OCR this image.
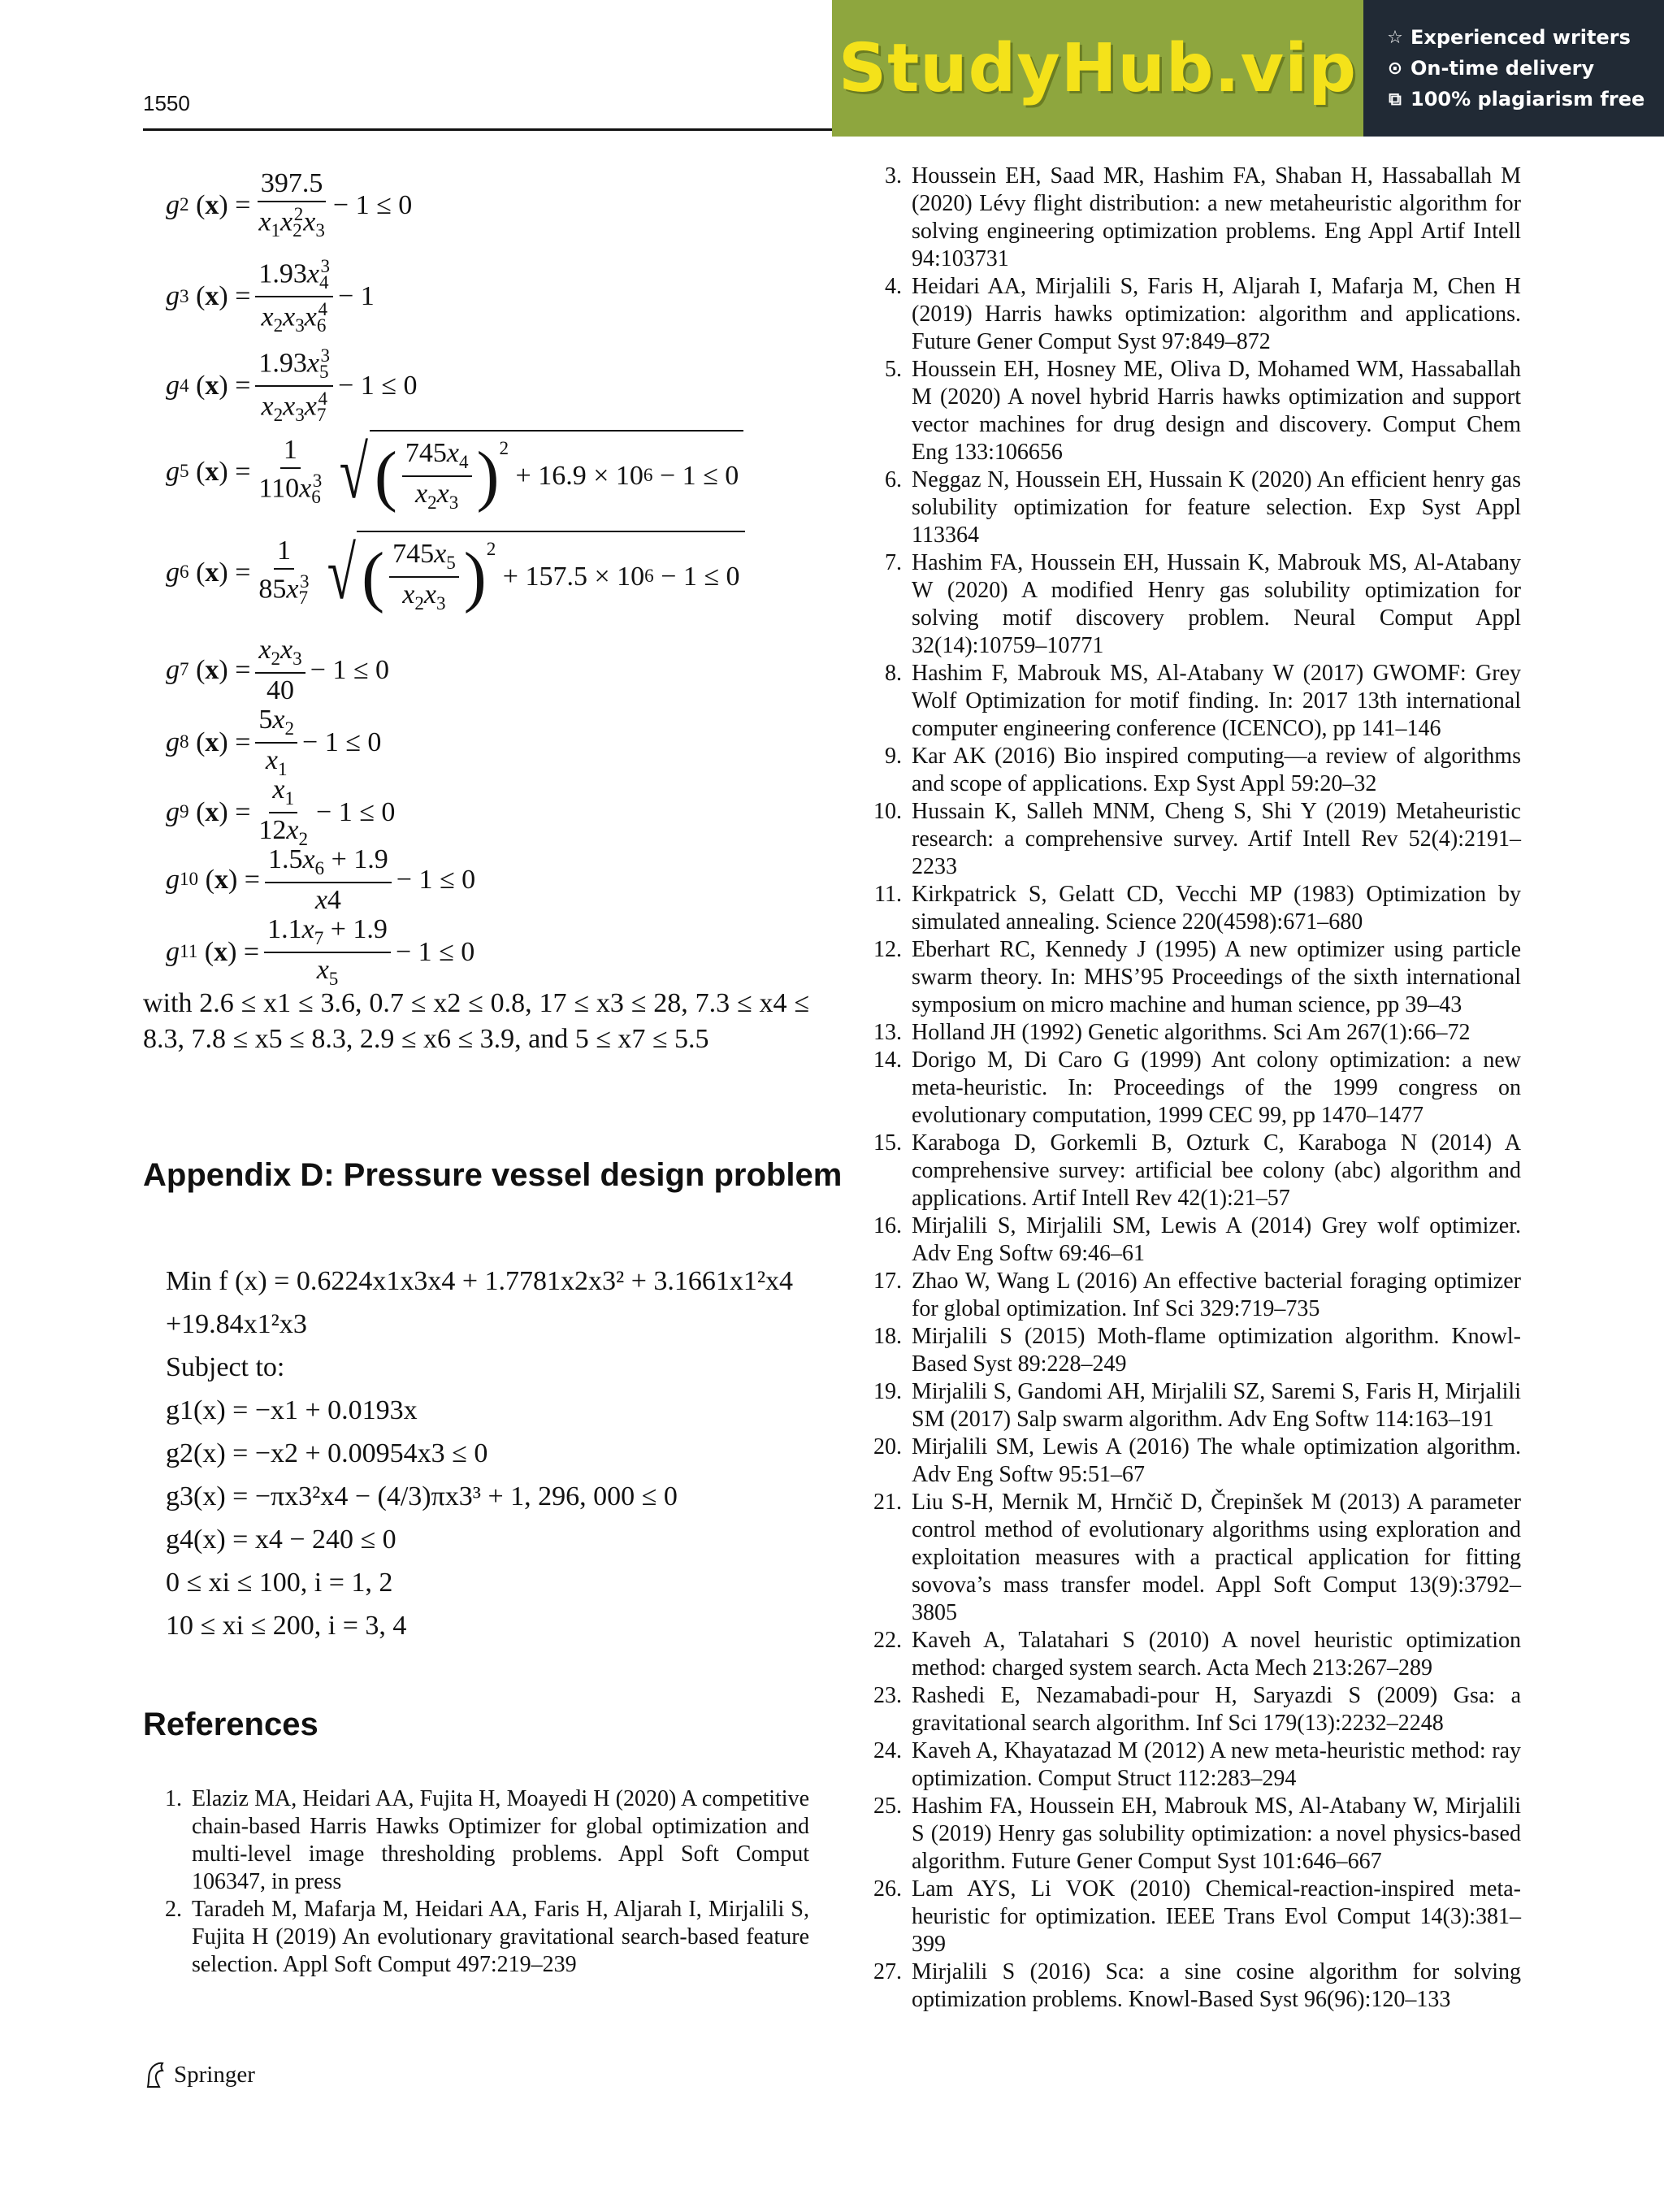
1550	StudyHub.vip ☆ Experienced writers
⊙ On-time delivery
⧉ 100% plagiarism free
g 2
( x ) = $\frac{397.5}{x_1x_2^2x_3} - 1 \le 0$
g 3 ( x ) = $\frac{1.93x_4^3}{x_2x_3x_6^4} - 1$
g 4 ( x ) = $\frac{1.93x_5^3}{x_2x_3x_7^4} - 1 \le 0$
g 5 ( x ) = $\frac{1}{110x_6^3}$ √ ( $\frac{745x_4}{x_2x_3} )^2$
+ 16.9 × 10 6 − 1 ≤ 0
g 6 ( x ) = $\frac{1}{85x_7^3}$ √ ( $\frac{745x_5}{x_2x_3} )^2$
+ 157.5 × 10 6 − 1 ≤ 0
g 7 ( x ) = $\frac{x_2x_3}{40} - 1 \le 0$
g 8 ( x ) = $\frac{5x_2}{x_1} - 1 \le 0$
g 9 ( x ) = $\frac{x_1}{12x_2} - 1 \le 0$
g 10 ( x ) = $\frac{1.5x_6 + 1.9}{x4} - 1 \le 0$
g 11 ( x ) = $\frac{1.1x_7 + 1.9}{x_5} - 1 \le 0$
with 2.6 ≤ x1 ≤ 3.6, 0.7 ≤ x2 ≤ 0.8, 17 ≤ x3 ≤ 28, 7.3 ≤ x4 ≤ 8.3, 7.8 ≤ x5 ≤ 8.3, 2.9 ≤ x6 ≤ 3.9, and 5 ≤ x7 ≤ 5.5
Appendix D: Pressure vessel design problem
Min f (x) = 0.6224x1x3x4 + 1.7781x2x3² + 3.1661x1²x4
+19.84x1²x3
Subject to:
g1(x) = −x1 + 0.0193x
g2(x) = −x2 + 0.00954x3 ≤ 0
g3(x) = −πx3²x4 − (4/3)πx3³ + 1, 296, 000 ≤ 0
g4(x) = x4 − 240 ≤ 0
0 ≤ xi ≤ 100, i = 1, 2
10 ≤ xi ≤ 200, i = 3, 4
References
1. Elaziz MA, Heidari AA, Fujita H, Moayedi H (2020) A competitive chain-based Harris Hawks Optimizer for global optimization and multi-level image thresholding problems. Appl Soft Comput 106347, in press
2. Taradeh M, Mafarja M, Heidari AA, Faris H, Aljarah I, Mirjalili S, Fujita H (2019) An evolutionary gravitational search-based feature selection. Appl Soft Comput 497:219–239
3. Houssein EH, Saad MR, Hashim FA, Shaban H, Hassaballah M (2020) Lévy flight distribution: a new metaheuristic algorithm for solving engineering optimization problems. Eng Appl Artif Intell 94:103731
4. Heidari AA, Mirjalili S, Faris H, Aljarah I, Mafarja M, Chen H (2019) Harris hawks optimization: algorithm and applications. Future Gener Comput Syst 97:849–872
5. Houssein EH, Hosney ME, Oliva D, Mohamed WM, Hassaballah M (2020) A novel hybrid Harris hawks optimization and support vector machines for drug design and discovery. Comput Chem Eng 133:106656
6. Neggaz N, Houssein EH, Hussain K (2020) An efficient henry gas solubility optimization for feature selection. Exp Syst Appl 113364
7. Hashim FA, Houssein EH, Hussain K, Mabrouk MS, Al-Atabany W (2020) A modified Henry gas solubility optimization for solving motif discovery problem. Neural Comput Appl 32(14):10759–10771
8. Hashim F, Mabrouk MS, Al-Atabany W (2017) GWOMF: Grey Wolf Optimization for motif finding. In: 2017 13th international computer engineering conference (ICENCO), pp 141–146
9. Kar AK (2016) Bio inspired computing—a review of algorithms and scope of applications. Exp Syst Appl 59:20–32
10. Hussain K, Salleh MNM, Cheng S, Shi Y (2019) Metaheuristic research: a comprehensive survey. Artif Intell Rev 52(4):2191–2233
11. Kirkpatrick S, Gelatt CD, Vecchi MP (1983) Optimization by simulated annealing. Science 220(4598):671–680
12. Eberhart RC, Kennedy J (1995) A new optimizer using particle swarm theory. In: MHS’95 Proceedings of the sixth international symposium on micro machine and human science, pp 39–43
13. Holland JH (1992) Genetic algorithms. Sci Am 267(1):66–72
14. Dorigo M, Di Caro G (1999) Ant colony optimization: a new meta-heuristic. In: Proceedings of the 1999 congress on evolutionary computation, 1999 CEC 99, pp 1470–1477
15. Karaboga D, Gorkemli B, Ozturk C, Karaboga N (2014) A comprehensive survey: artificial bee colony (abc) algorithm and applications. Artif Intell Rev 42(1):21–57
16. Mirjalili S, Mirjalili SM, Lewis A (2014) Grey wolf optimizer. Adv Eng Softw 69:46–61
17. Zhao W, Wang L (2016) An effective bacterial foraging optimizer for global optimization. Inf Sci 329:719–735
18. Mirjalili S (2015) Moth-flame optimization algorithm. Knowl-Based Syst 89:228–249
19. Mirjalili S, Gandomi AH, Mirjalili SZ, Saremi S, Faris H, Mirjalili SM (2017) Salp swarm algorithm. Adv Eng Softw 114:163–191
20. Mirjalili SM, Lewis A (2016) The whale optimization algorithm. Adv Eng Softw 95:51–67
21. Liu S-H, Mernik M, Hrnčič D, Črepinšek M (2013) A parameter control method of evolutionary algorithms using exploration and exploitation measures with a practical application for fitting sovova’s mass transfer model. Appl Soft Comput 13(9):3792–3805
22. Kaveh A, Talatahari S (2010) A novel heuristic optimization method: charged system search. Acta Mech 213:267–289
23. Rashedi E, Nezamabadi-pour H, Saryazdi S (2009) Gsa: a gravitational search algorithm. Inf Sci 179(13):2232–2248
24. Kaveh A, Khayatazad M (2012) A new meta-heuristic method: ray optimization. Comput Struct 112:283–294
25. Hashim FA, Houssein EH, Mabrouk MS, Al-Atabany W, Mirjalili S (2019) Henry gas solubility optimization: a novel physics-based algorithm. Future Gener Comput Syst 101:646–667
26. Lam AYS, Li VOK (2010) Chemical-reaction-inspired meta-heuristic for optimization. IEEE Trans Evol Comput 14(3):381–399
27. Mirjalili S (2016) Sca: a sine cosine algorithm for solving optimization problems. Knowl-Based Syst 96(96):120–133
Springer
